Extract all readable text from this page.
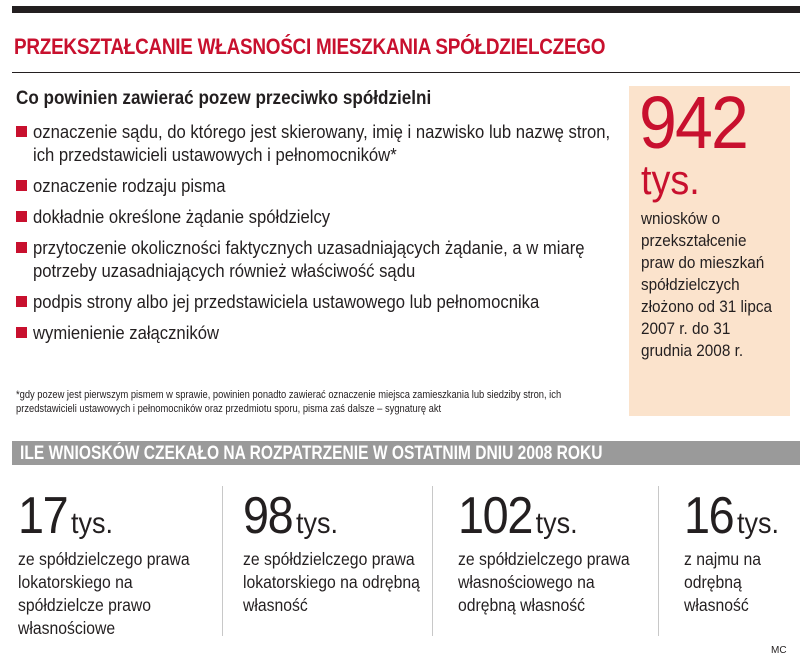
PRZEKSZTAŁCANIE WŁASNOŚCI MIESZKANIA SPÓŁDZIELCZEGO
Co powinien zawierać pozew przeciwko spółdzielni
oznaczenie sądu, do którego jest skierowany, imię i nazwisko lub nazwę stron, ich przedstawicieli ustawowych i pełnomocników*
oznaczenie rodzaju pisma
dokładnie określone żądanie spółdzielcy
przytoczenie okoliczności faktycznych uzasadniających żądanie, a w miarę potrzeby uzasadniających również właściwość sądu
podpis strony albo jej przedstawiciela ustawowego lub pełnomocnika
wymienienie załączników

*gdy pozew jest pierwszym pismem w sprawie, powinien ponadto zawierać oznaczenie miejsca zamieszkania lub siedziby stron, ich przedstawicieli ustawowych i pełnomocników oraz przedmiotu sporu, pisma zaś dalsze – sygnaturę akt

942
tys.
wniosków o przekształcenie praw do mieszkań spółdzielczych złożono od 31 lipca 2007 r. do 31 grudnia 2008 r.
ILE WNIOSKÓW CZEKAŁO NA ROZPATRZENIE W OSTATNIM DNIU 2008 ROKU
17 tys.
ze spółdzielczego prawa lokatorskiego na spółdzielcze prawo własnościowe
98 tys.
ze spółdzielczego prawa lokatorskiego na odrębną własność
102 tys.
ze spółdzielczego prawa własnościowego na odrębną własność
16 tys.
z najmu na odrębną własność
MC
